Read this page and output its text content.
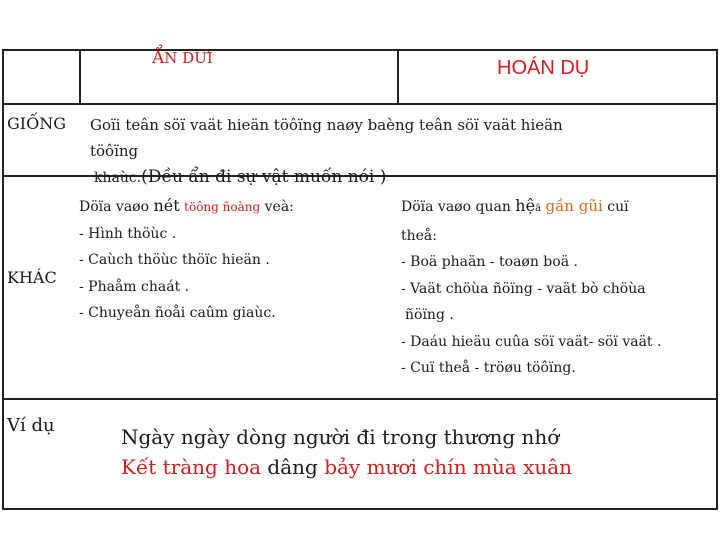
ẨN DƯI	HOÁN DỤ
GIỐNG
KHÁC
Ví dụ
Goïi teân söï vaät hieän töôïng naøy baèng teân söï vaät hieän töôïng
khaùc.(Đều ẩn đi sự vật muốn nói )
Döïa vaøo nét töông ñoàng veà:
- Hình thöùc .
- Caùch thöùc thöïc hieän .
- Phaåm chaát .
- Chuyeån ñoåi caûm giaùc.
Döïa vaøo quan hệä gần gũi cuï
theå:
- Boä phaän - toaøn boä .
- Vaät chöùa ñöïng - vaät bò chöùa
ñöïng .
- Daáu hieäu cuûa söï vaät- söï vaät .
- Cuï theå - tröøu töôïng.
Ngày ngày dòng người đi trong thương nhớ
Kết tràng hoa dâng bảy mươi chín mùa xuân
